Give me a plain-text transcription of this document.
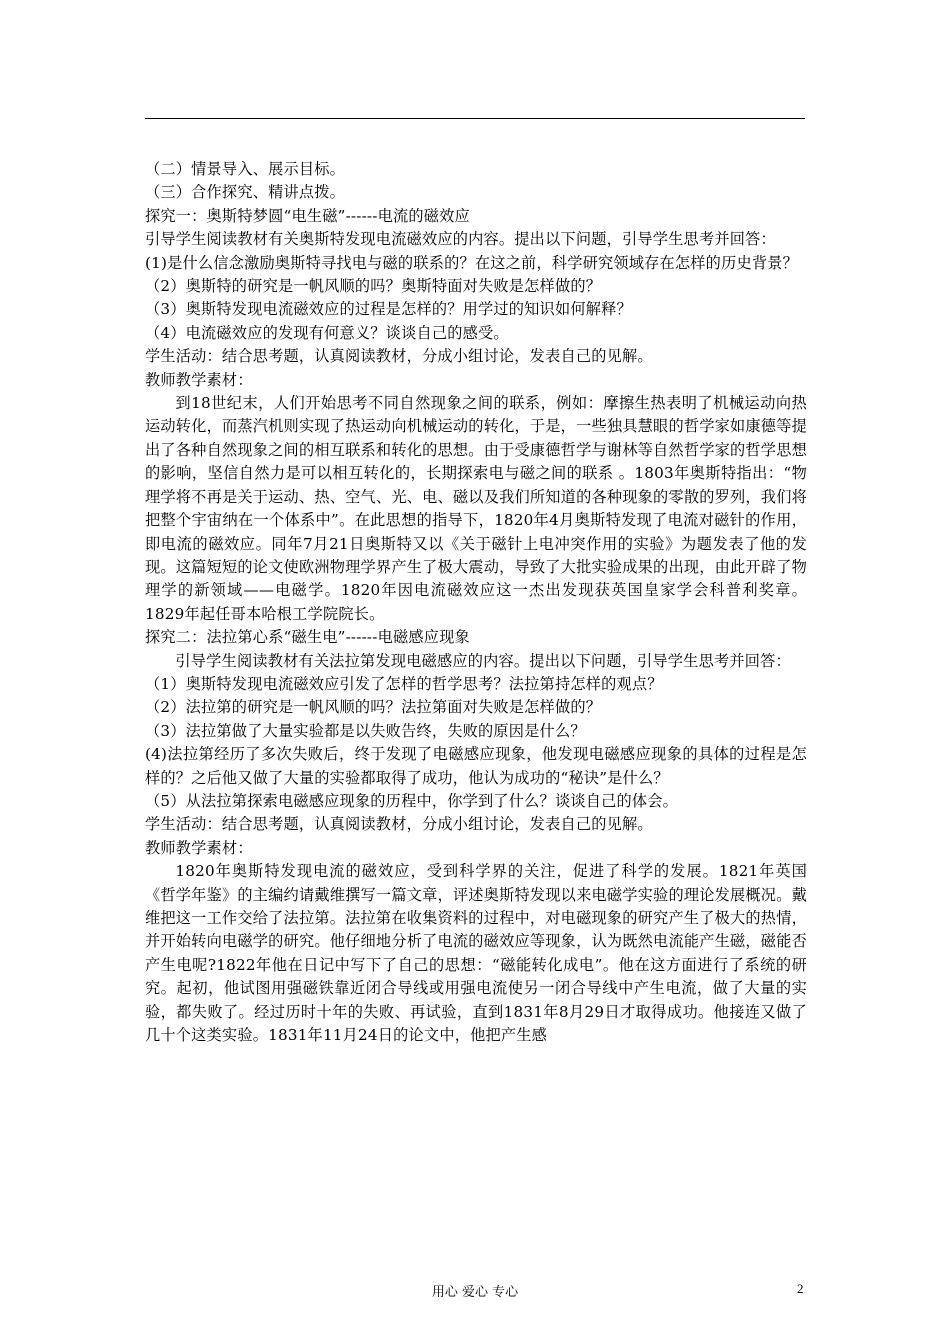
（二）情景导入、展示目标。

（三）合作探究、精讲点拨。

探究一：奥斯特梦圆“电生磁”------电流的磁效应

引导学生阅读教材有关奥斯特发现电流磁效应的内容。提出以下问题，引导学生思考并回答：

(1)是什么信念激励奥斯特寻找电与磁的联系的？在这之前，科学研究领域存在怎样的历史背景？

（2）奥斯特的研究是一帆风顺的吗？奥斯特面对失败是怎样做的？

（3）奥斯特发现电流磁效应的过程是怎样的？用学过的知识如何解释？

（4）电流磁效应的发现有何意义？谈谈自己的感受。

学生活动：结合思考题，认真阅读教材，分成小组讨论，发表自己的见解。

教师教学素材：

到18世纪末，人们开始思考不同自然现象之间的联系，例如：摩擦生热表明了机械运动向热运动转化，而蒸汽机则实现了热运动向机械运动的转化，于是，一些独具慧眼的哲学家如康德等提出了各种自然现象之间的相互联系和转化的思想。由于受康德哲学与谢林等自然哲学家的哲学思想的影响，坚信自然力是可以相互转化的，长期探索电与磁之间的联系 。1803年奥斯特指出：“物理学将不再是关于运动、热、空气、光、电、磁以及我们所知道的各种现象的零散的罗列，我们将把整个宇宙纳在一个体系中”。在此思想的指导下，1820年4月奥斯特发现了电流对磁针的作用，即电流的磁效应。同年7月21日奥斯特又以《关于磁针上电冲突作用的实验》为题发表了他的发现。这篇短短的论文使欧洲物理学界产生了极大震动，导致了大批实验成果的出现，由此开辟了物理学的新领域——电磁学。1820年因电流磁效应这一杰出发现获英国皇家学会科普利奖章。1829年起任哥本哈根工学院院长。

探究二：法拉第心系“磁生电”------电磁感应现象

引导学生阅读教材有关法拉第发现电磁感应的内容。提出以下问题，引导学生思考并回答：

（1）奥斯特发现电流磁效应引发了怎样的哲学思考？法拉第持怎样的观点？

（2）法拉第的研究是一帆风顺的吗？法拉第面对失败是怎样做的？

（3）法拉第做了大量实验都是以失败告终，失败的原因是什么？

(4)法拉第经历了多次失败后，终于发现了电磁感应现象，他发现电磁感应现象的具体的过程是怎样的？之后他又做了大量的实验都取得了成功，他认为成功的“秘诀”是什么？

（5）从法拉第探索电磁感应现象的历程中，你学到了什么？谈谈自己的体会。

学生活动：结合思考题，认真阅读教材，分成小组讨论，发表自己的见解。

教师教学素材：

1820年奥斯特发现电流的磁效应，受到科学界的关注，促进了科学的发展。1821年英国《哲学年鉴》的主编约请戴维撰写一篇文章，评述奥斯特发现以来电磁学实验的理论发展概况。戴维把这一工作交给了法拉第。法拉第在收集资料的过程中，对电磁现象的研究产生了极大的热情，并开始转向电磁学的研究。他仔细地分析了电流的磁效应等现象，认为既然电流能产生磁，磁能否产生电呢?1822年他在日记中写下了自己的思想：“磁能转化成电”。他在这方面进行了系统的研究。起初，他试图用强磁铁靠近闭合导线或用强电流使另一闭合导线中产生电流，做了大量的实验，都失败了。经过历时十年的失败、再试验，直到1831年8月29日才取得成功。他接连又做了几十个这类实验。1831年11月24日的论文中，他把产生感

用心 爱心 专心	2
